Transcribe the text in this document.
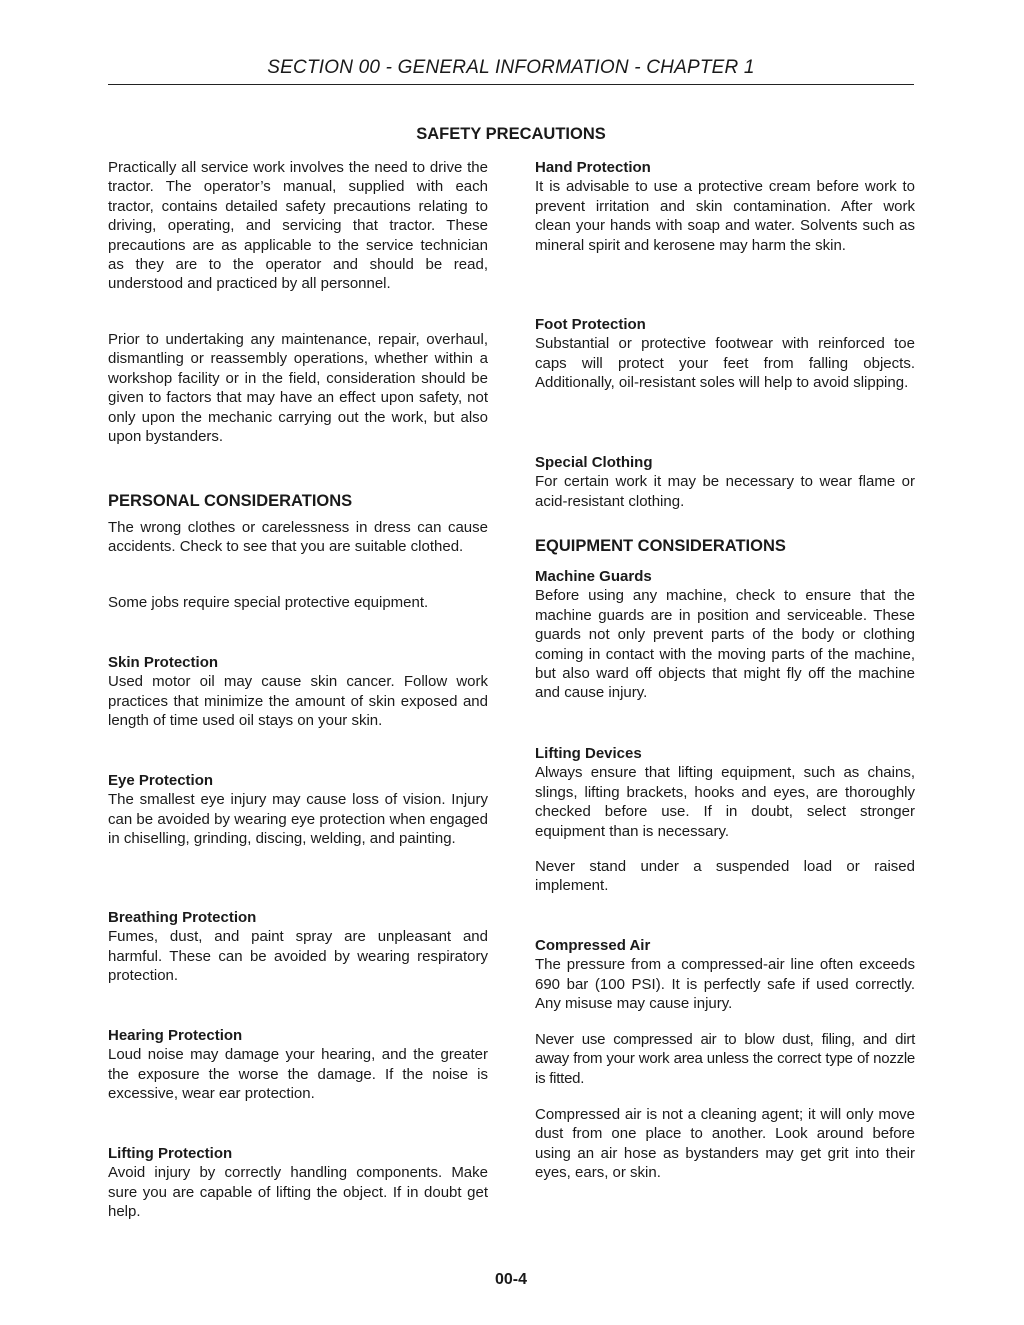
SECTION 00 - GENERAL INFORMATION - CHAPTER 1
SAFETY PRECAUTIONS

Practically all service work involves the need to drive the tractor. The operator’s manual, supplied with each tractor, contains detailed safety precautions relating to driving, operating, and servicing that tractor. These precautions are as applicable to the service technician as they are to the operator and should be read, understood and practiced by all personnel.

Prior to undertaking any maintenance, repair, overhaul, dismantling or reassembly operations, whether within a workshop facility or in the field, consideration should be given to factors that may have an effect upon safety, not only upon the mechanic carrying out the work, but also upon bystanders.

PERSONAL CONSIDERATIONS

The wrong clothes or carelessness in dress can cause accidents. Check to see that you are suitable clothed.

Some jobs require special protective equipment.

Skin Protection

Used motor oil may cause skin cancer. Follow work practices that minimize the amount of skin exposed and length of time used oil stays on your skin.

Eye Protection

The smallest eye injury may cause loss of vision. Injury can be avoided by wearing eye protection when engaged in chiselling, grinding, discing, welding, and painting.

Breathing Protection

Fumes, dust, and paint spray are unpleasant and harmful. These can be avoided by wearing respiratory protection.

Hearing Protection

Loud noise may damage your hearing, and the greater the exposure the worse the damage. If the noise is excessive, wear ear protection.

Lifting Protection

Avoid injury by correctly handling components. Make sure you are capable of lifting the object. If in doubt get help.

Hand Protection

It is advisable to use a protective cream before work to prevent irritation and skin contamination. After work clean your hands with soap and water. Solvents such as mineral spirit and kerosene may harm the skin.

Foot Protection

Substantial or protective footwear with reinforced toe caps will protect your feet from falling objects. Additionally, oil-resistant soles will help to avoid slipping.

Special Clothing

For certain work it may be necessary to wear flame or acid-resistant clothing.

EQUIPMENT CONSIDERATIONS
Machine Guards

Before using any machine, check to ensure that the machine guards are in position and serviceable. These guards not only prevent parts of the body or clothing coming in contact with the moving parts of the machine, but also ward off objects that might fly off the machine and cause injury.

Lifting Devices

Always ensure that lifting equipment, such as chains, slings, lifting brackets, hooks and eyes, are thoroughly checked before use. If in doubt, select stronger equipment than is necessary.

Never stand under a suspended load or raised implement.

Compressed Air

The pressure from a compressed-air line often exceeds 690 bar (100 PSI). It is perfectly safe if used correctly. Any misuse may cause injury.

Never use compressed air to blow dust, filing, and dirt away from your work area unless the correct type of nozzle is fitted.

Compressed air is not a cleaning agent; it will only move dust from one place to another. Look around before using an air hose as bystanders may get grit into their eyes, ears, or skin.

00-4
